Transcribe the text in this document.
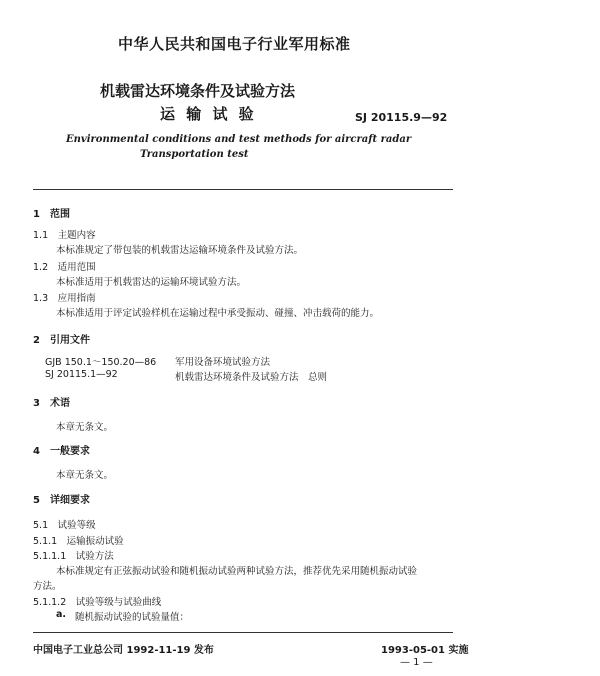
中华人民共和国电子行业军用标准
机载雷达环境条件及试验方法
运 输 试 验	SJ 20115.9—92
Environmental conditions and test methods for aircraft radar
Transportation test
1　范围
1.1　主题内容
本标准规定了带包装的机载雷达运输环境条件及试验方法。
1.2　适用范围
本标准适用于机载雷达的运输环境试验方法。
1.3　应用指南
本标准适用于评定试验样机在运输过程中承受振动、碰撞、冲击载荷的能力。
2　引用文件
GJB 150.1～150.20—86 军用设备环境试验方法
SJ 20115.1—92	机载雷达环境条件及试验方法　总则
3　术语
本章无条文。
4　一般要求
本章无条文。
5　详细要求
5.1　试验等级
5.1.1　运输振动试验
5.1.1.1　试验方法
本标准规定有正弦振动试验和随机振动试验两种试验方法，推荐优先采用随机振动试验
方法。
5.1.1.2　试验等级与试验曲线
a. 随机振动试验的试验量值：
中国电子工业总公司 1992-11-19 发布	1993-05-01 实施
— 1 —
